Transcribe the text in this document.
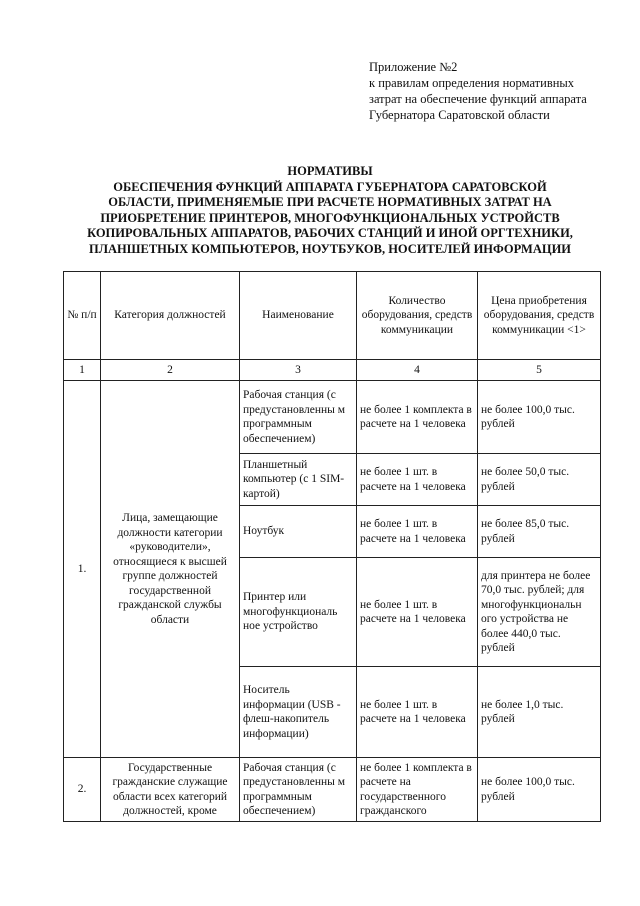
Приложение №2
к правилам определения нормативных
затрат на обеспечение функций аппарата
Губернатора Саратовской области
НОРМАТИВЫ
ОБЕСПЕЧЕНИЯ ФУНКЦИЙ АППАРАТА ГУБЕРНАТОРА САРАТОВСКОЙ
ОБЛАСТИ, ПРИМЕНЯЕМЫЕ ПРИ РАСЧЕТЕ НОРМАТИВНЫХ ЗАТРАТ НА
ПРИОБРЕТЕНИЕ ПРИНТЕРОВ, МНОГОФУНКЦИОНАЛЬНЫХ УСТРОЙСТВ
КОПИРОВАЛЬНЫХ АППАРАТОВ, РАБОЧИХ СТАНЦИЙ И ИНОЙ ОРГТЕХНИКИ,
ПЛАНШЕТНЫХ КОМПЬЮТЕРОВ, НОУТБУКОВ, НОСИТЕЛЕЙ ИНФОРМАЦИИ
№ п/п	Категория должностей	Наименование	Количество оборудования, средств коммуникации	Цена приобретения оборудования, средств коммуникации <1>
1	2	3	4	5
1.	Лица, замещающие должности категории «руководители», относящиеся к высшей группе должностей государственной гражданской службы области	Рабочая станция (с предустановленны м программным обеспечением)	не более 1 комплекта в расчете на 1 человека	не более 100,0 тыс. рублей
		Планшетный компьютер (с 1 SIM-картой)	не более 1 шт. в расчете на 1 человека	не более 50,0 тыс. рублей
		Ноутбук	не более 1 шт. в расчете на 1 человека	не более 85,0 тыс. рублей
		Принтер или многофункциональ ное устройство	не более 1 шт. в расчете на 1 человека	для принтера не более 70,0 тыс. рублей; для многофункциональн ого устройства не более 440,0 тыс. рублей
		Носитель информации (USB - флеш-накопитель информации)	не более 1 шт. в расчете на 1 человека	не более 1,0 тыс. рублей
2.	Государственные гражданские служащие области всех категорий должностей, кроме	Рабочая станция (с предустановленны м программным обеспечением)	не более 1 комплекта в расчете на государственного гражданского	не более 100,0 тыс. рублей
